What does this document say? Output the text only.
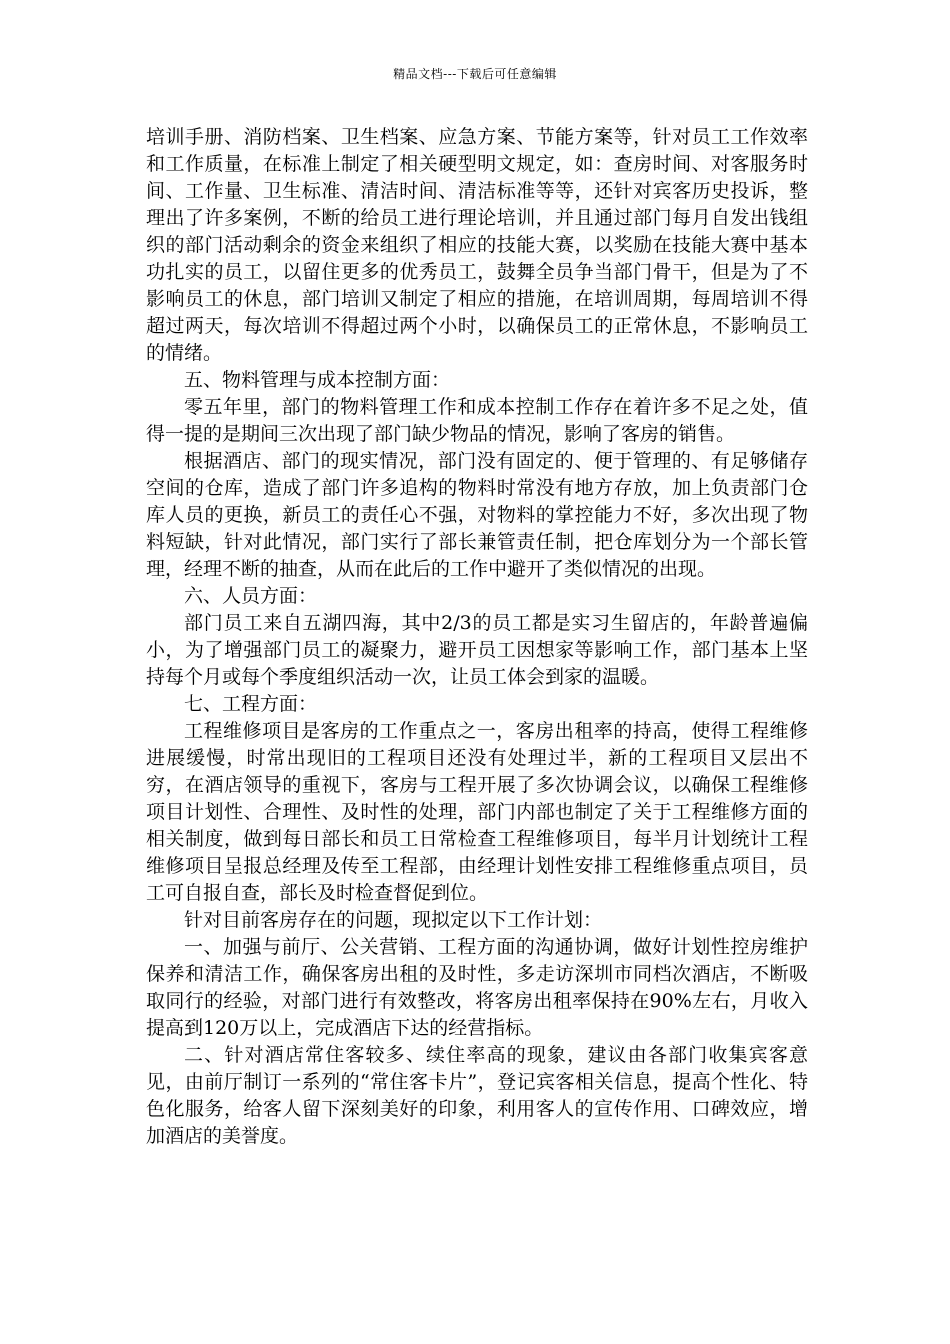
精品文档---下载后可任意编辑

培训手册、消防档案、卫生档案、应急方案、节能方案等，针对员工工作效率和工作质量，在标准上制定了相关硬型明文规定，如：查房时间、对客服务时间、工作量、卫生标准、清洁时间、清洁标准等等，还针对宾客历史投诉，整理出了许多案例，不断的给员工进行理论培训，并且通过部门每月自发出钱组织的部门活动剩余的资金来组织了相应的技能大赛，以奖励在技能大赛中基本功扎实的员工，以留住更多的优秀员工，鼓舞全员争当部门骨干，但是为了不影响员工的休息，部门培训又制定了相应的措施，在培训周期，每周培训不得超过两天，每次培训不得超过两个小时，以确保员工的正常休息，不影响员工的情绪。

五、物料管理与成本控制方面：

零五年里，部门的物料管理工作和成本控制工作存在着许多不足之处，值得一提的是期间三次出现了部门缺少物品的情况，影响了客房的销售。

根据酒店、部门的现实情况，部门没有固定的、便于管理的、有足够储存空间的仓库，造成了部门许多追构的物料时常没有地方存放，加上负责部门仓库人员的更换，新员工的责任心不强，对物料的掌控能力不好，多次出现了物料短缺，针对此情况，部门实行了部长兼管责任制，把仓库划分为一个部长管理，经理不断的抽查，从而在此后的工作中避开了类似情况的出现。

六、人员方面：

部门员工来自五湖四海，其中2/3的员工都是实习生留店的，年龄普遍偏小，为了增强部门员工的凝聚力，避开员工因想家等影响工作，部门基本上坚持每个月或每个季度组织活动一次，让员工体会到家的温暖。

七、工程方面：

工程维修项目是客房的工作重点之一，客房出租率的持高，使得工程维修进展缓慢，时常出现旧的工程项目还没有处理过半，新的工程项目又层出不穷，在酒店领导的重视下，客房与工程开展了多次协调会议，以确保工程维修项目计划性、合理性、及时性的处理，部门内部也制定了关于工程维修方面的相关制度，做到每日部长和员工日常检查工程维修项目，每半月计划统计工程维修项目呈报总经理及传至工程部，由经理计划性安排工程维修重点项目，员工可自报自查，部长及时检查督促到位。

针对目前客房存在的问题，现拟定以下工作计划：

一、加强与前厅、公关营销、工程方面的沟通协调，做好计划性控房维护保养和清洁工作，确保客房出租的及时性，多走访深圳市同档次酒店，不断吸取同行的经验，对部门进行有效整改，将客房出租率保持在90%左右，月收入提高到120万以上，完成酒店下达的经营指标。

二、针对酒店常住客较多、续住率高的现象，建议由各部门收集宾客意见，由前厅制订一系列的“常住客卡片”，登记宾客相关信息，提高个性化、特色化服务，给客人留下深刻美好的印象，利用客人的宣传作用、口碑效应，增加酒店的美誉度。
